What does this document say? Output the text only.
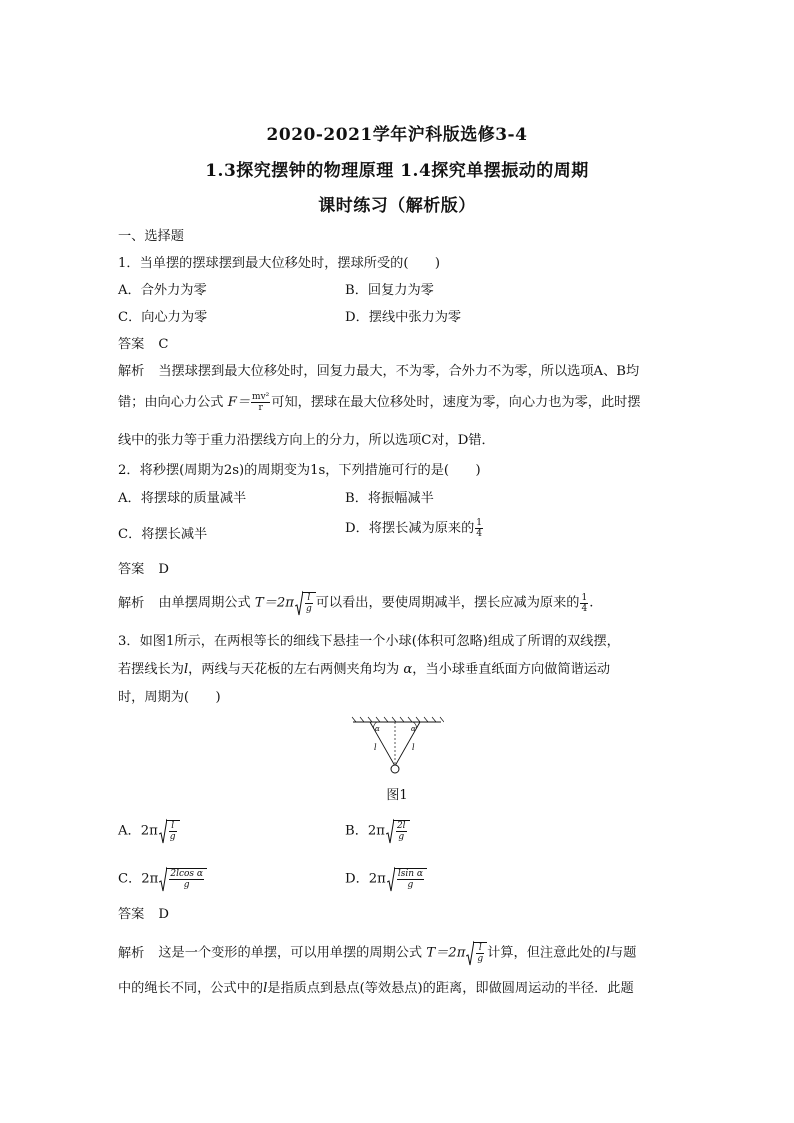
2020-2021学年沪科版选修3-4
1.3探究摆钟的物理原理 1.4探究单摆振动的周期
课时练习（解析版）
一、选择题
1．当单摆的摆球摆到最大位移处时，摆球所受的(　　)
A．合外力为零	B．回复力为零
C．向心力为零	D．摆线中张力为零
答案 C
解析 当摆球摆到最大位移处时，回复力最大，不为零，合外力不为零，所以选项A、B均
错；由向心力公式 $F= \frac{\text{mv²}}{r}$ 可知，摆球在最大位移处时，速度为零，向心力也为零，此时摆
线中的张力等于重力沿摆线方向上的分力，所以选项C对，D错．
2．将秒摆(周期为2s)的周期变为1s，下列措施可行的是(　　)
A．将摆球的质量减半	B．将振幅减半
C．将摆长减半	D．将摆长减为原来的 $\frac{1}{4}$
答案 D
解析 由单摆周期公式 $T=2\pi \frac{l}{g}$ 可以看出，要使周期减半，摆长应减为原来的 $\frac{1}{4}$ .
3．如图1所示，在两根等长的细线下悬挂一个小球(体积可忽略)组成了所谓的双线摆，
若摆线长为l，两线与天花板的左右两侧夹角均为 α，当小球垂直纸面方向做简谐运动
时，周期为(　　)
α	α
l	l
图1
A．$2\pi \frac{l}{g}$	B．$2\pi \frac{2l}{g}$
C．$2\pi \frac{\text{2lcos α}}{g}$	D．$2\pi \frac{\text{lsin α}}{g}$
答案 D
解析 这是一个变形的单摆，可以用单摆的周期公式 $T=2\pi \frac{l}{g}$ 计算，但注意此处的l与题
中的绳长不同，公式中的l是指质点到悬点(等效悬点)的距离，即做圆周运动的半径．此题
